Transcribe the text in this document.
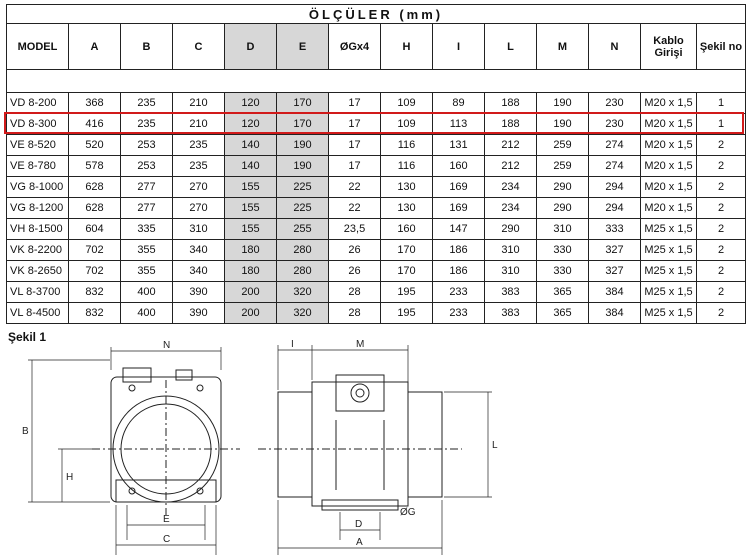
ÖLÇÜLER (mm)													
MODEL	A	B	C	D	E	ØGx4	H	I	L	M	N	Kablo Girişi	Şekil no

VD 8-200	368	235	210	120	170	17	109	89	188	190	230	M20 x 1,5	1
VD 8-300	416	235	210	120	170	17	109	113	188	190	230	M20 x 1,5	1
VE 8-520	520	253	235	140	190	17	116	131	212	259	274	M20 x 1,5	2
VE 8-780	578	253	235	140	190	17	116	160	212	259	274	M20 x 1,5	2
VG 8-1000	628	277	270	155	225	22	130	169	234	290	294	M20 x 1,5	2
VG 8-1200	628	277	270	155	225	22	130	169	234	290	294	M20 x 1,5	2
VH 8-1500	604	335	310	155	255	23,5	160	147	290	310	333	M25 x 1,5	2
VK 8-2200	702	355	340	180	280	26	170	186	310	330	327	M25 x 1,5	2
VK 8-2650	702	355	340	180	280	26	170	186	310	330	327	M25 x 1,5	2
VL 8-3700	832	400	390	200	320	28	195	233	383	365	384	M25 x 1,5	2
VL 8-4500	832	400	390	200	320	28	195	233	383	365	384	M25 x 1,5	2
Şekil 1
N
B
H
E
C
I	M
L
D
ØG
A
